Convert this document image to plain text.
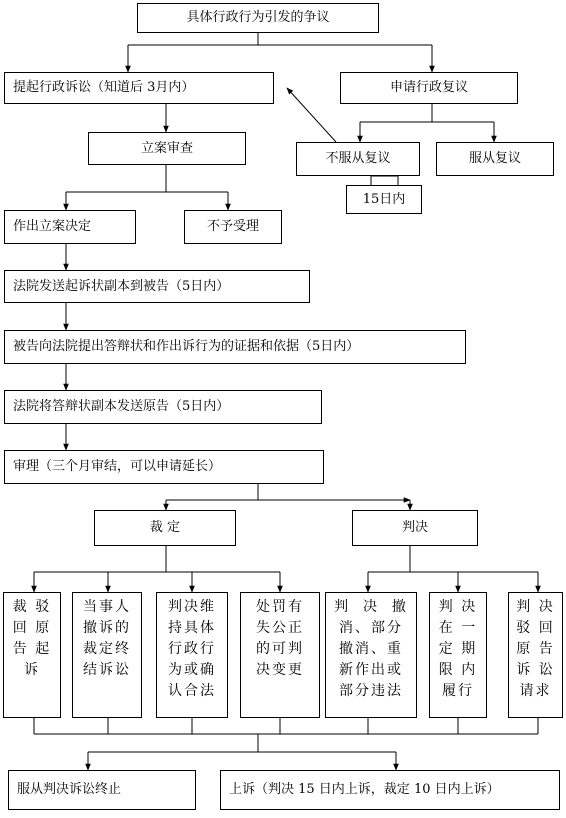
具体行政行为引发的争议
提起行政诉讼（知道后 3月内）	申请行政复议
不服从复议	服从复议
15日内
立案审查
作出立案决定	不予受理
法院发送起诉状副本到被告（5日内）
被告向法院提出答辩状和作出诉行为的证据和依据（5日内）
法院将答辩状副本发送原告（5日内）
审理（三个月审结，可以申请延长）
裁 定	判决
裁 驳
回 原
告 起
诉
当事人
撤诉的
裁定终
结诉讼
判决维
持具体
行政行
为或确
认合法
处罚有
失公正
的可判
决变更
判  决  撤
消、部分
撤消、重
新作出或
部分违法
判 决
在 一
定 期
限 内
履行
判 决
驳 回
原 告
诉 讼
请求
服从判决诉讼终止	上诉（判决 15 日内上诉，裁定 10 日内上诉）
